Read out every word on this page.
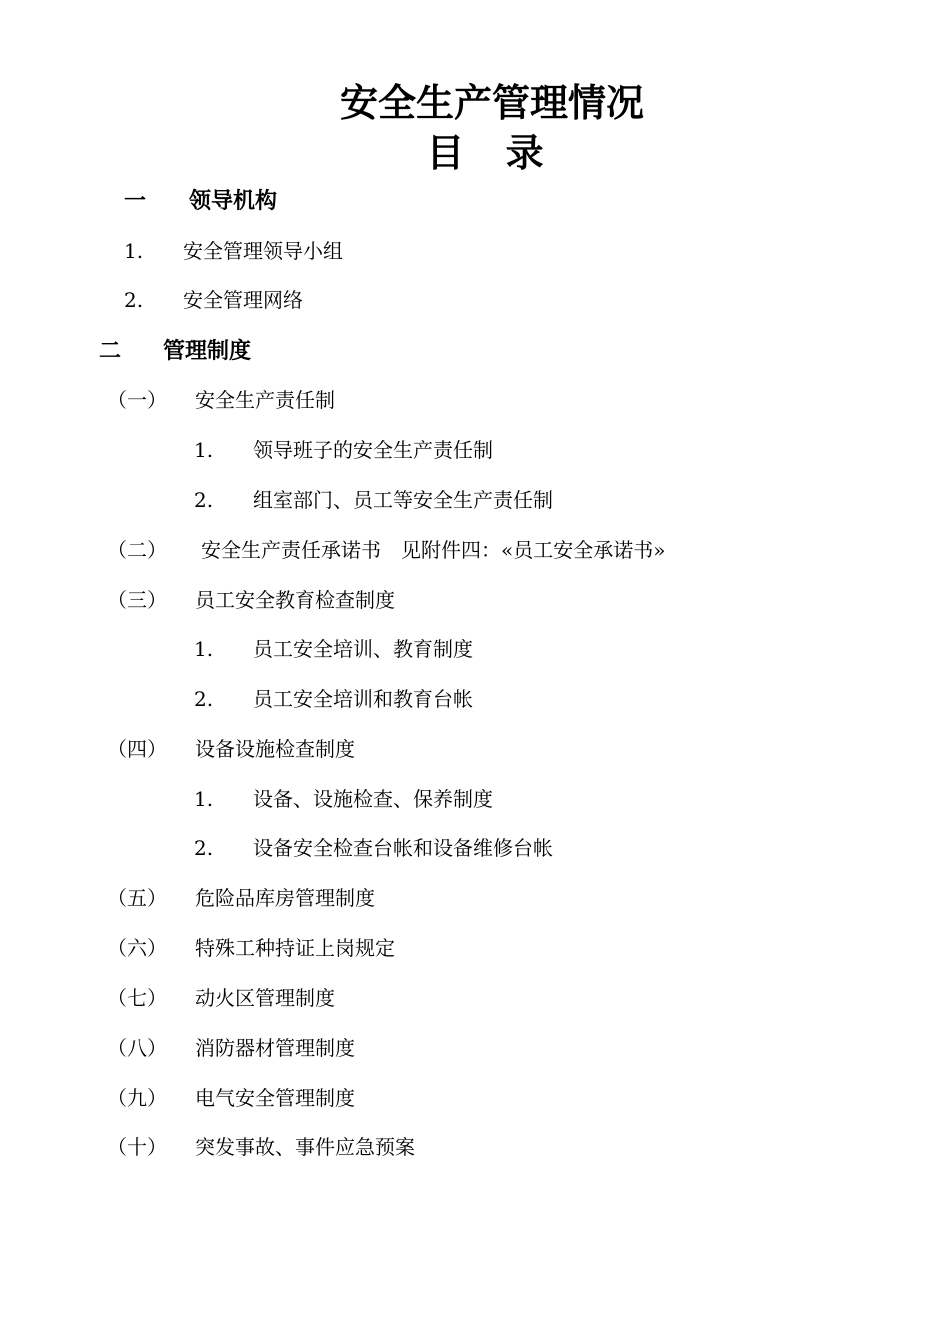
安全生产管理情况
目 录
一 领导机构
1. 安全管理领导小组
2. 安全管理网络
二 管理制度
（一） 安全生产责任制
1. 领导班子的安全生产责任制
2. 组室部门、员工等安全生产责任制
（二） 安全生产责任承诺书　见附件四：«员工安全承诺书»
（三） 员工安全教育检查制度
1. 员工安全培训、教育制度
2. 员工安全培训和教育台帐
（四） 设备设施检查制度
1. 设备、设施检查、保养制度
2. 设备安全检查台帐和设备维修台帐
（五） 危险品库房管理制度
（六） 特殊工种持证上岗规定
（七） 动火区管理制度
（八） 消防器材管理制度
（九） 电气安全管理制度
（十） 突发事故、事件应急预案
